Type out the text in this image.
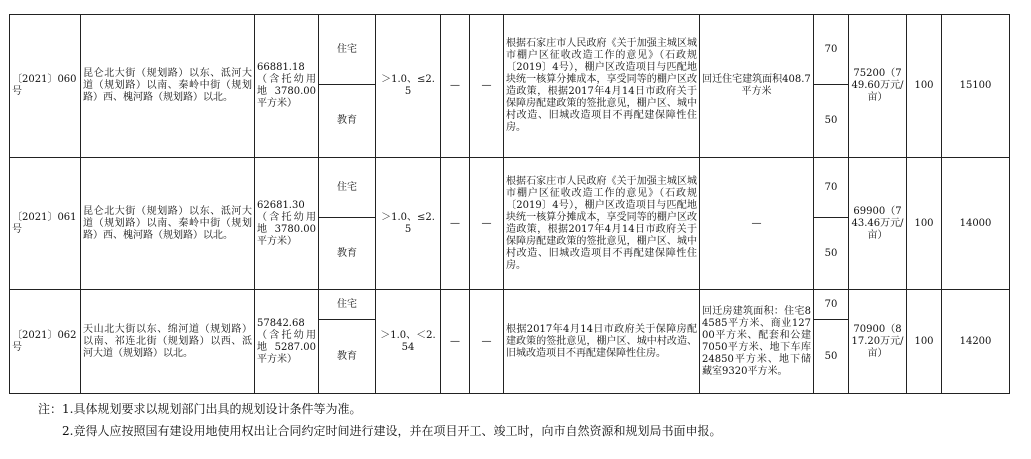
〔2021〕060号	昆仑北大街（规划路）以东、泜河大道（规划路）以南、秦岭中街（规划路）西、槐河路（规划路）以北。	66881.18（含托幼用地3780.00平方米）	住宅	＞1.0、≤2.5	—	—	根据石家庄市人民政府《关于加强主城区城市棚户区征收改造工作的意见》（石政规〔2019〕4号），棚户区改造项目与匹配地块统一核算分摊成本，享受同等的棚户区改造政策，根据2017年4月14日市政府关于保障房配建政策的签批意见，棚户区、城中村改造、旧城改造项目不再配建保障性住房。	回迁住宅建筑面积408.7平方米	70	75200（749.60万元/亩）	100	15100
			教育						50			
〔2021〕061号	昆仑北大街（规划路）以东、泜河大道（规划路）以南、秦岭中街（规划路）西、槐河路（规划路）以北。	62681.30（含托幼用地3780.00平方米）	住宅	＞1.0、≤2.5	—	—	根据石家庄市人民政府《关于加强主城区城市棚户区征收改造工作的意见》（石政规〔2019〕4号），棚户区改造项目与匹配地块统一核算分摊成本，享受同等的棚户区改造政策，根据2017年4月14日市政府关于保障房配建政策的签批意见，棚户区、城中村改造、旧城改造项目不再配建保障性住房。	—	70	69900（743.46万元/亩）	100	14000
			教育						50			
〔2021〕062号	天山北大街以东、绵河道（规划路）以南、祁连北街（规划路）以西、泜河大道（规划路）以北。	57842.68（含托幼用地5287.00平方米）	住宅	＞1.0、＜2.54	—	—	根据2017年4月14日市政府关于保障房配建政策的签批意见，棚户区、城中村改造、旧城改造项目不再配建保障性住房。	回迁房建筑面积：住宅84585平方米、商业12700平方米、配套和公建7050平方米、地下车库24850平方米、地下储藏室9320平方米。	70	70900（817.20万元/亩）	100	14200
			教育						50			
注：1.具体规划要求以规划部门出具的规划设计条件等为准。
2.竞得人应按照国有建设用地使用权出让合同约定时间进行建设，并在项目开工、竣工时，向市自然资源和规划局书面申报。
